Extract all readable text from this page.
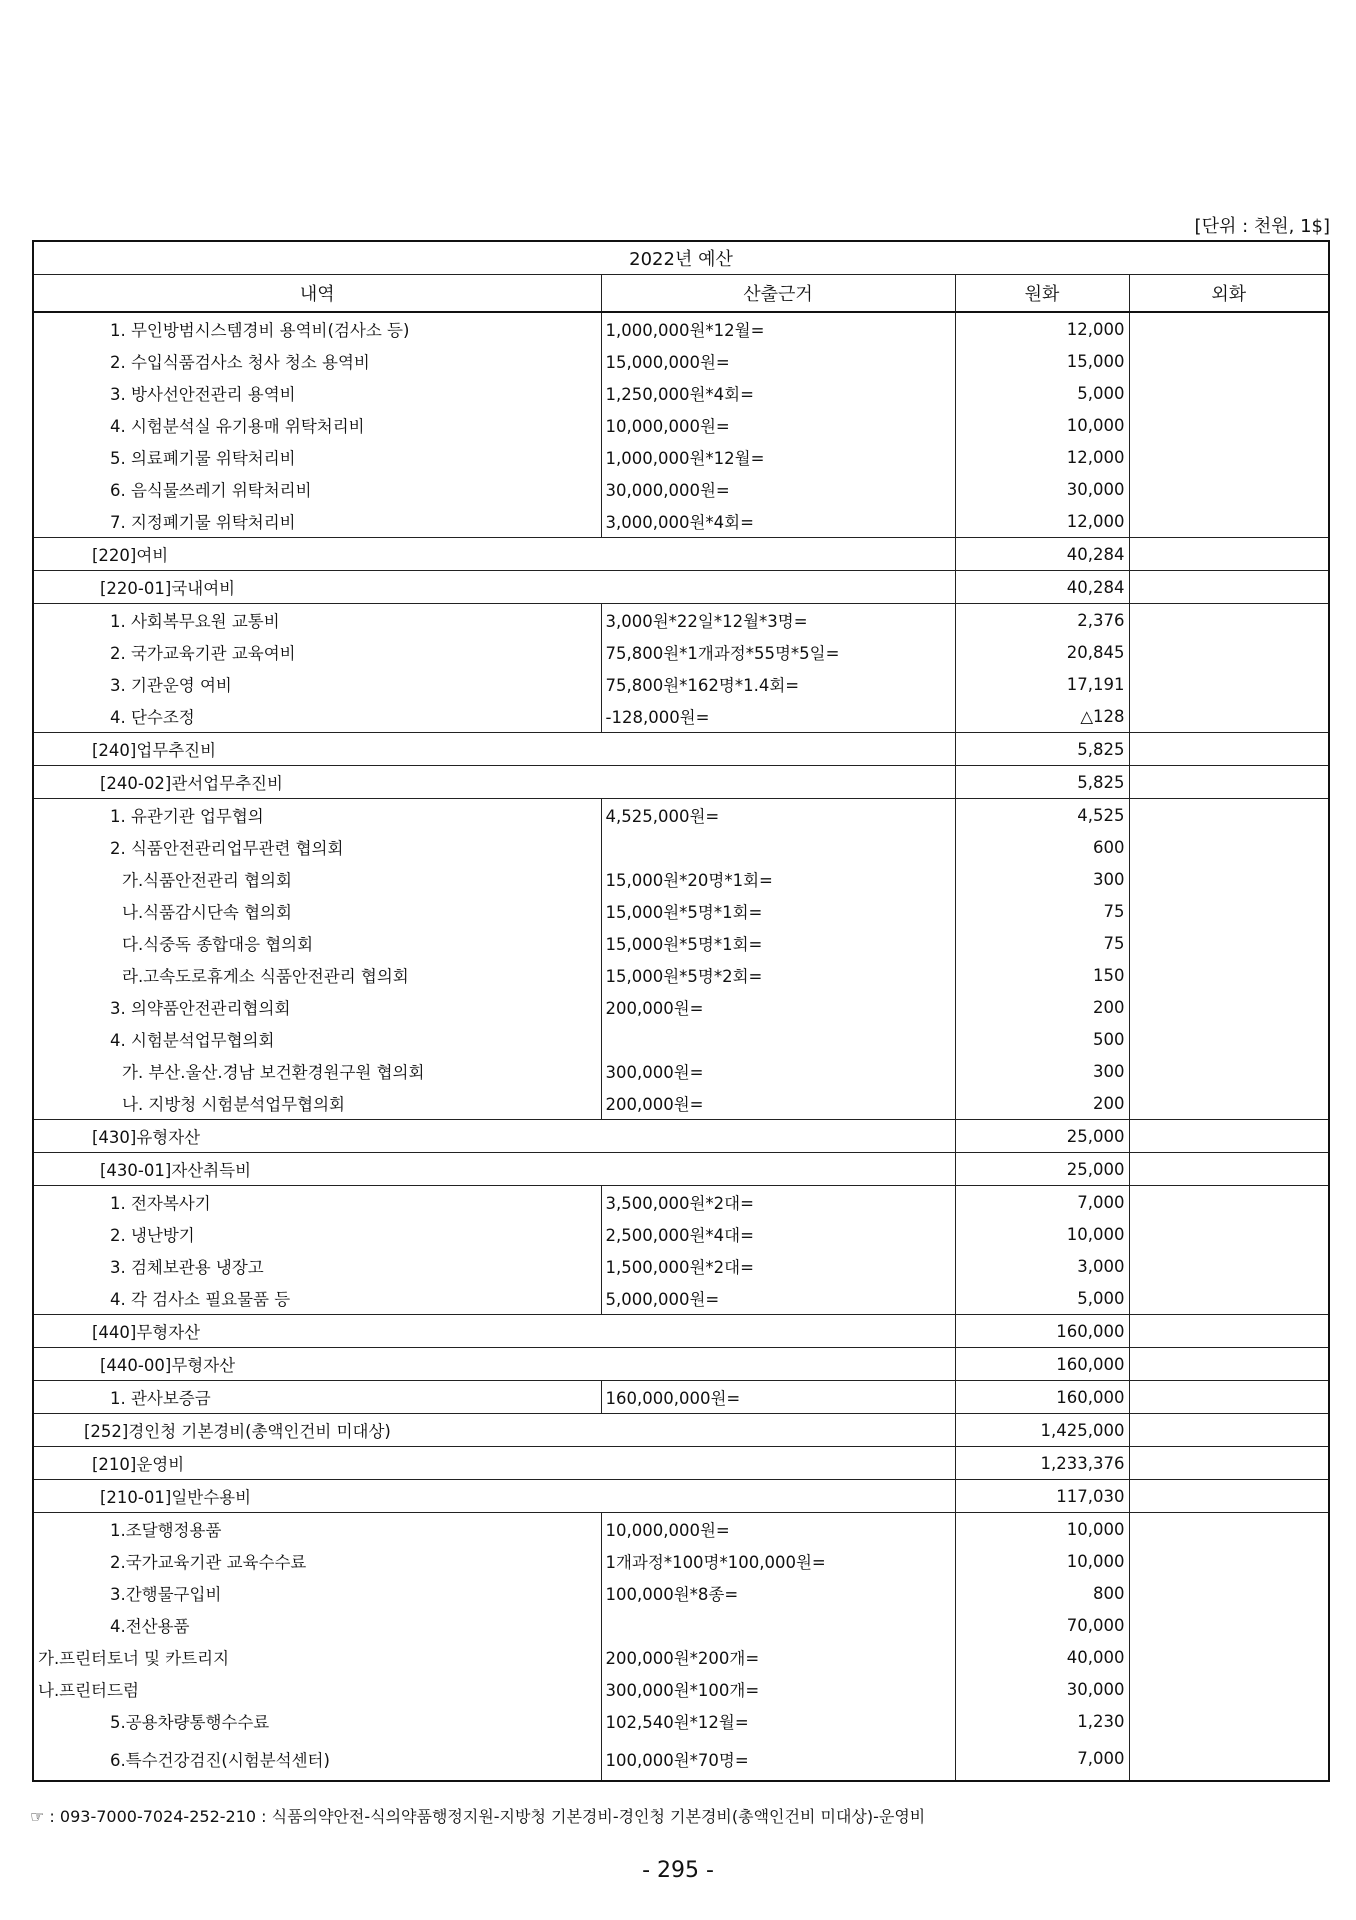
[단위 : 천원, 1$]
2022년 예산			
내역	산출근거	원화	외화
1. 무인방범시스템경비 용역비(검사소 등)	1,000,000원*12월=	12,000	
2. 수입식품검사소 청사 청소 용역비	15,000,000원=	15,000	
3. 방사선안전관리 용역비	1,250,000원*4회=	5,000	
4. 시험분석실 유기용매 위탁처리비	10,000,000원=	10,000	
5. 의료폐기물 위탁처리비	1,000,000원*12월=	12,000	
6. 음식물쓰레기 위탁처리비	30,000,000원=	30,000	
7. 지정폐기물 위탁처리비	3,000,000원*4회=	12,000	
[220]여비		40,284	
[220-01]국내여비		40,284	
1. 사회복무요원 교통비	3,000원*22일*12월*3명=	2,376	
2. 국가교육기관 교육여비	75,800원*1개과정*55명*5일=	20,845	
3. 기관운영 여비	75,800원*162명*1.4회=	17,191	
4. 단수조정	-128,000원=	△128	
[240]업무추진비		5,825	
[240-02]관서업무추진비		5,825	
1. 유관기관 업무협의	4,525,000원=	4,525	
2. 식품안전관리업무관련 협의회		600	
가.식품안전관리 협의회	15,000원*20명*1회=	300	
나.식품감시단속 협의회	15,000원*5명*1회=	75	
다.식중독 종합대응 협의회	15,000원*5명*1회=	75	
라.고속도로휴게소 식품안전관리 협의회	15,000원*5명*2회=	150	
3. 의약품안전관리협의회	200,000원=	200	
4. 시험분석업무협의회		500	
가. 부산.울산.경남 보건환경원구원 협의회	300,000원=	300	
나. 지방청 시험분석업무협의회	200,000원=	200	
[430]유형자산		25,000	
[430-01]자산취득비		25,000	
1. 전자복사기	3,500,000원*2대=	7,000	
2. 냉난방기	2,500,000원*4대=	10,000	
3. 검체보관용 냉장고	1,500,000원*2대=	3,000	
4. 각 검사소 필요물품 등	5,000,000원=	5,000	
[440]무형자산		160,000	
[440-00]무형자산		160,000	
1. 관사보증금	160,000,000원=	160,000	
[252]경인청 기본경비(총액인건비 미대상)		1,425,000	
[210]운영비		1,233,376	
[210-01]일반수용비		117,030	
1.조달행정용품	10,000,000원=	10,000	
2.국가교육기관 교육수수료	1개과정*100명*100,000원=	10,000	
3.간행물구입비	100,000원*8종=	800	
4.전산용품		70,000	
가.프린터토너 및 카트리지	200,000원*200개=	40,000	
나.프린터드럼	300,000원*100개=	30,000	
5.공용차량통행수수료	102,540원*12월=	1,230	
6.특수건강검진(시험분석센터)	100,000원*70명=	7,000	
☞ : 093-7000-7024-252-210 : 식품의약안전-식의약품행정지원-지방청 기본경비-경인청 기본경비(총액인건비 미대상)-운영비
- 295 -
